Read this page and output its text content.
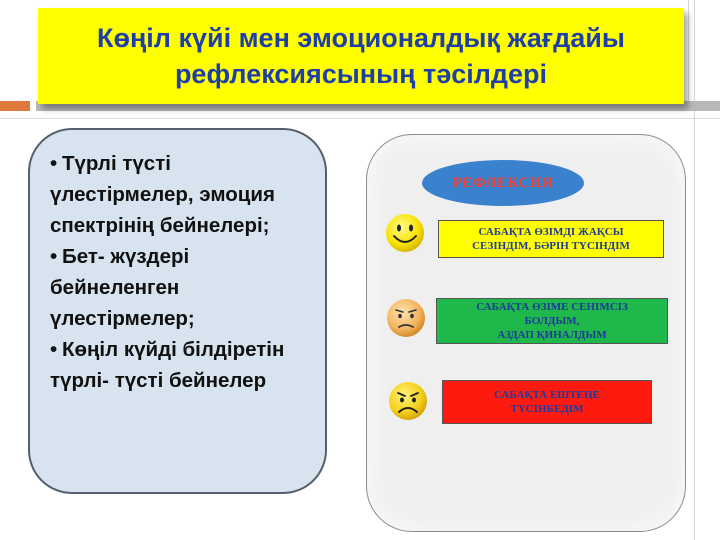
Көңіл күйі мен эмоционалдық жағдайы
рефлексиясының тәсілдері
• Түрлі түсті үлестірмелер, эмоция спектрінің бейнелері;
• Бет- жүздері бейнеленген үлестірмелер;
• Көңіл күйді білдіретін түрлі- түсті бейнелер
РЕФЛЕКСИЯ
САБАҚТА ӨЗІМДІ ЖАҚСЫ
СЕЗІНДІМ, БӘРІН ТҮСІНДІМ
САБАҚТА ӨЗІМЕ СЕНІМСІЗ
БОЛДЫМ,
АЗДАП ҚИНАЛДЫМ
САБАҚТА ЕШТЕҢЕ
ТҮСІНБЕДІМ
